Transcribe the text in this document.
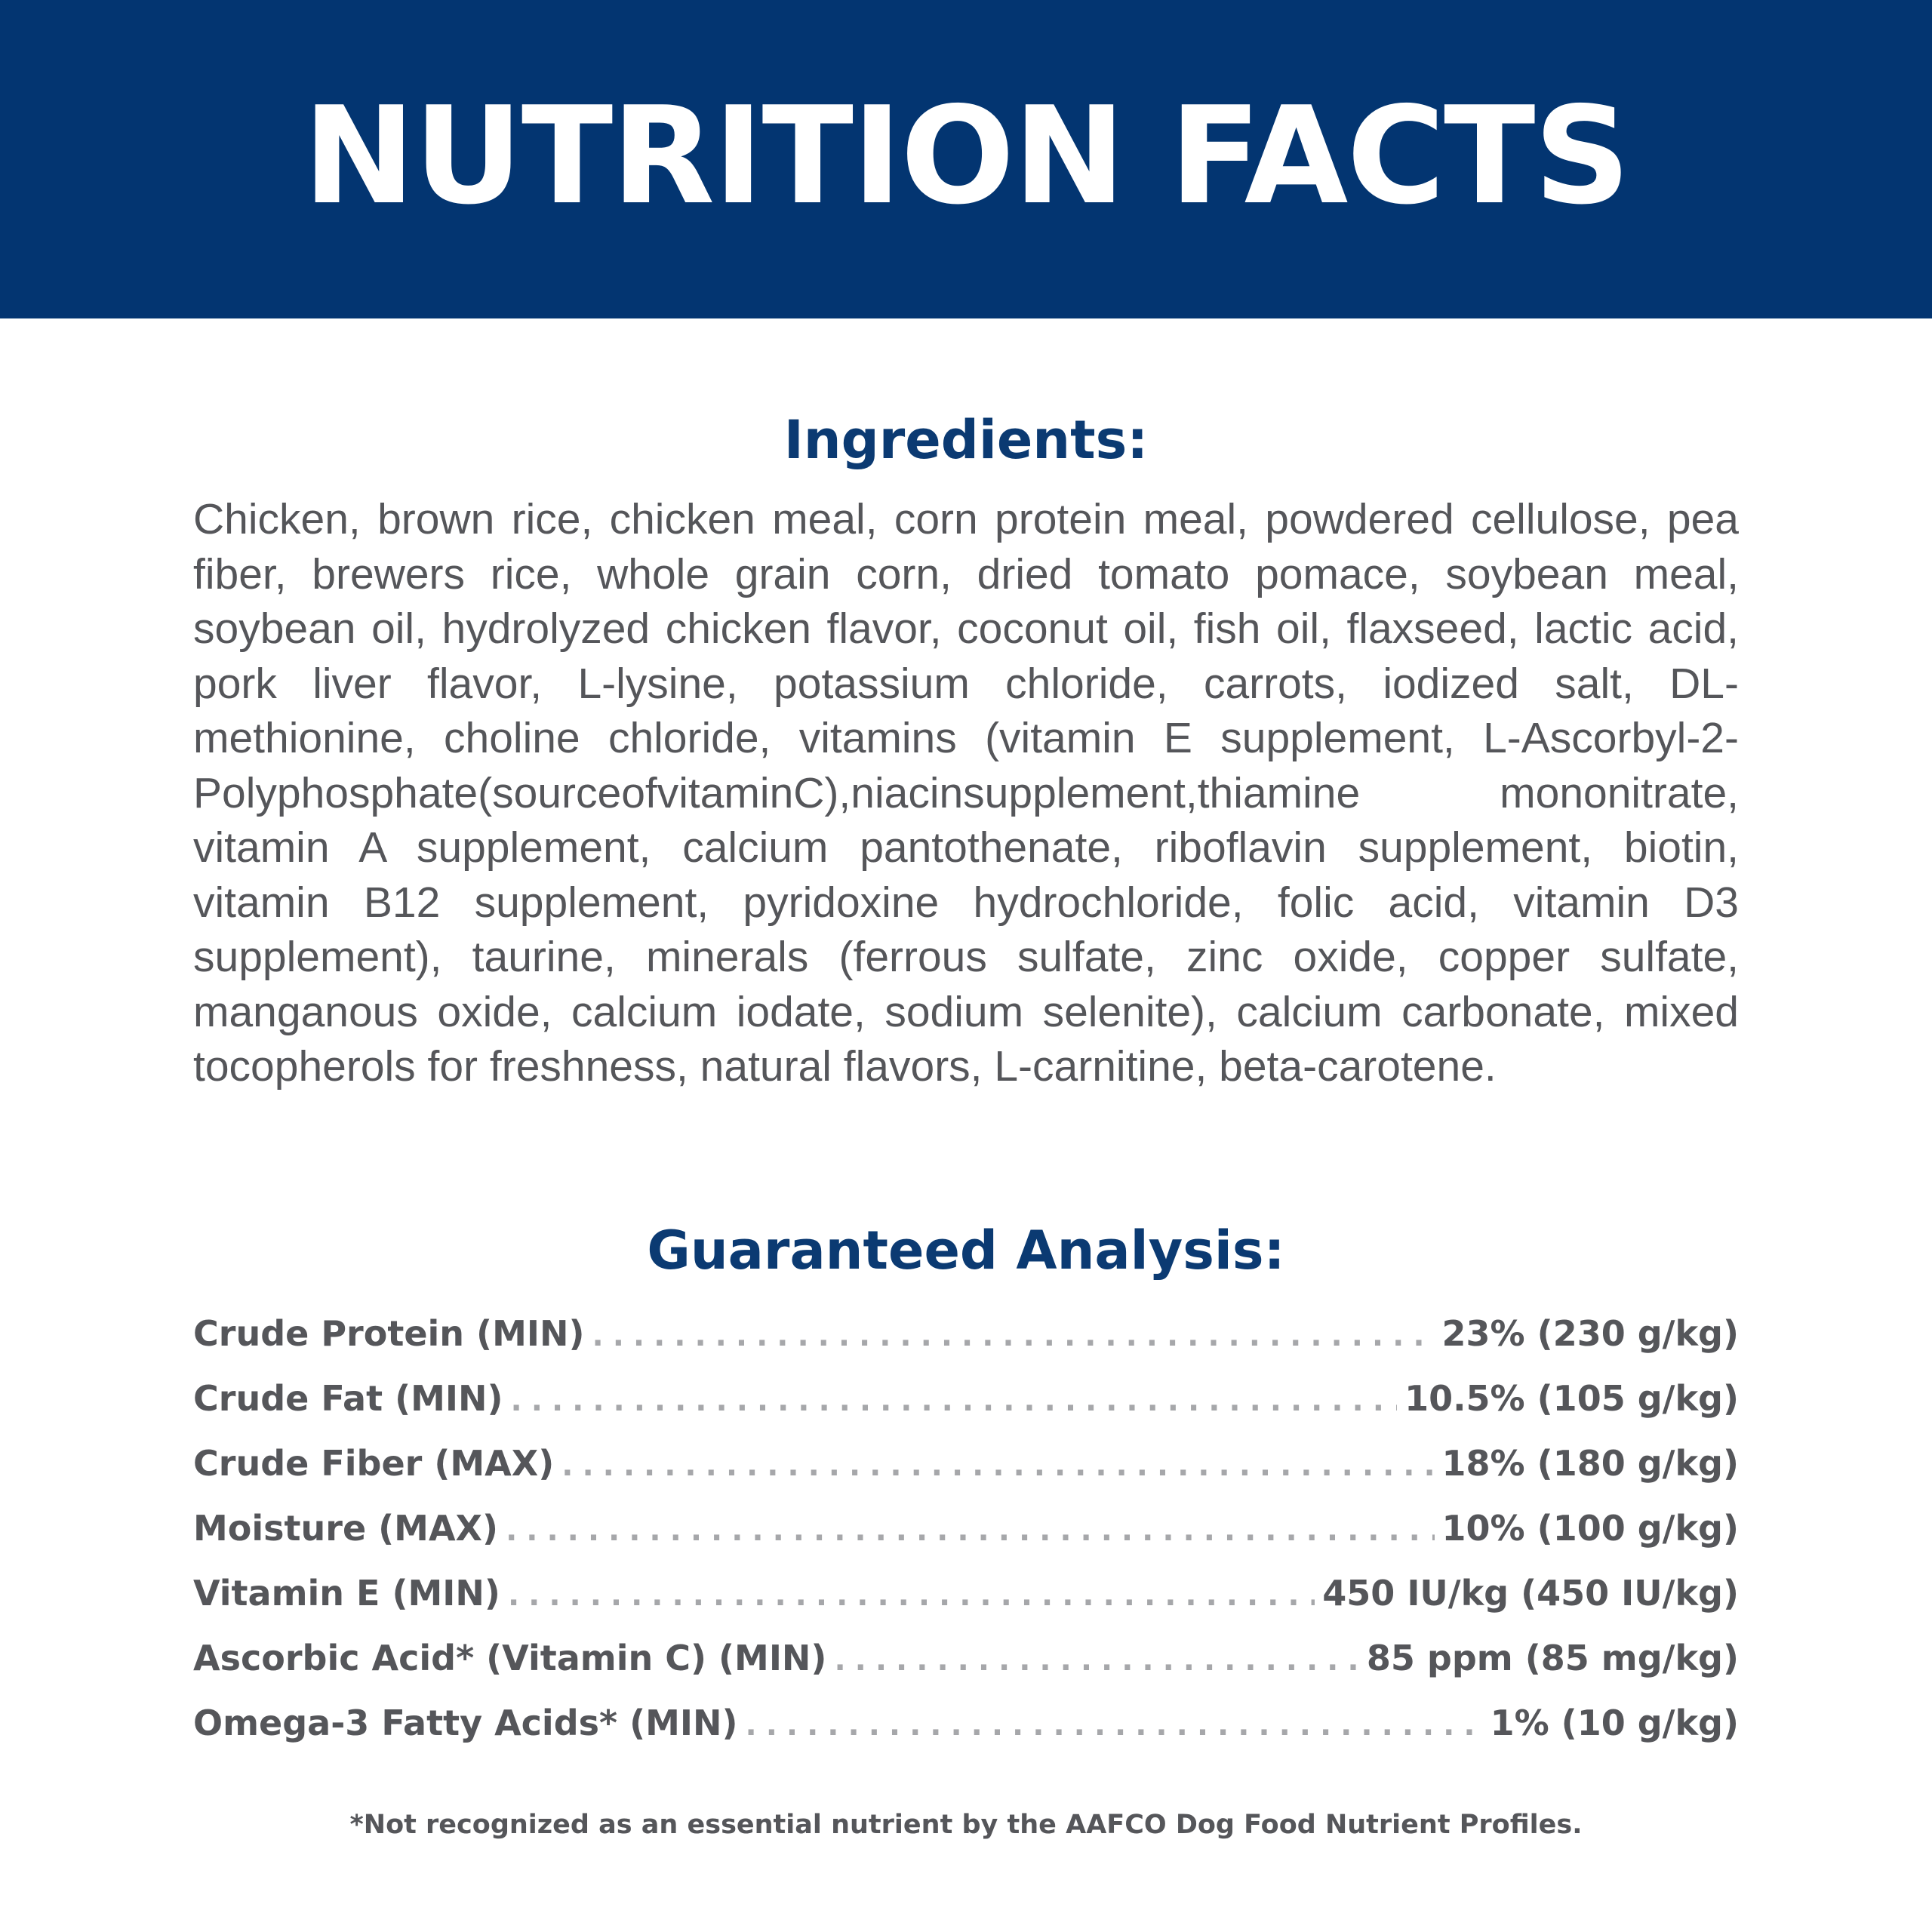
NUTRITION FACTS
Ingredients:
Chicken, brown rice, chicken meal, corn protein meal, powdered cellulose, pea fiber, brewers rice, whole grain corn, dried tomato pomace, soybean meal, soybean oil, hydrolyzed chicken flavor, coconut oil, fish oil, flaxseed, lactic acid, pork liver flavor, L-lysine, potassium chloride, carrots, iodized salt, DL-methionine, choline chloride, vitamins (vitamin E supplement, L-Ascorbyl-2-Polyphosphate(sourceofvitaminC),niacinsupplement,thiamine mononitrate, vitamin A supplement, calcium pantothenate, riboflavin supplement, biotin, vitamin B12 supplement, pyridoxine hydrochloride, folic acid, vitamin D3 supplement), taurine, minerals (ferrous sulfate, zinc oxide, copper sulfate, manganous oxide, calcium iodate, sodium selenite), calcium carbonate, mixed tocopherols for freshness, natural flavors, L-carnitine, beta-carotene.
Guaranteed Analysis:
Crude Protein (MIN) .....	23% (230 g/kg)
Crude Fat (MIN) .....	10.5% (105 g/kg)
Crude Fiber (MAX) .....	18% (180 g/kg)
Moisture (MAX) .....	10% (100 g/kg)
Vitamin E (MIN) .....	450 IU/kg (450 IU/kg)
Ascorbic Acid* (Vitamin C) (MIN) .....	85 ppm (85 mg/kg)
Omega-3 Fatty Acids* (MIN) .....	1% (10 g/kg)
*Not recognized as an essential nutrient by the AAFCO Dog Food Nutrient Profiles.
